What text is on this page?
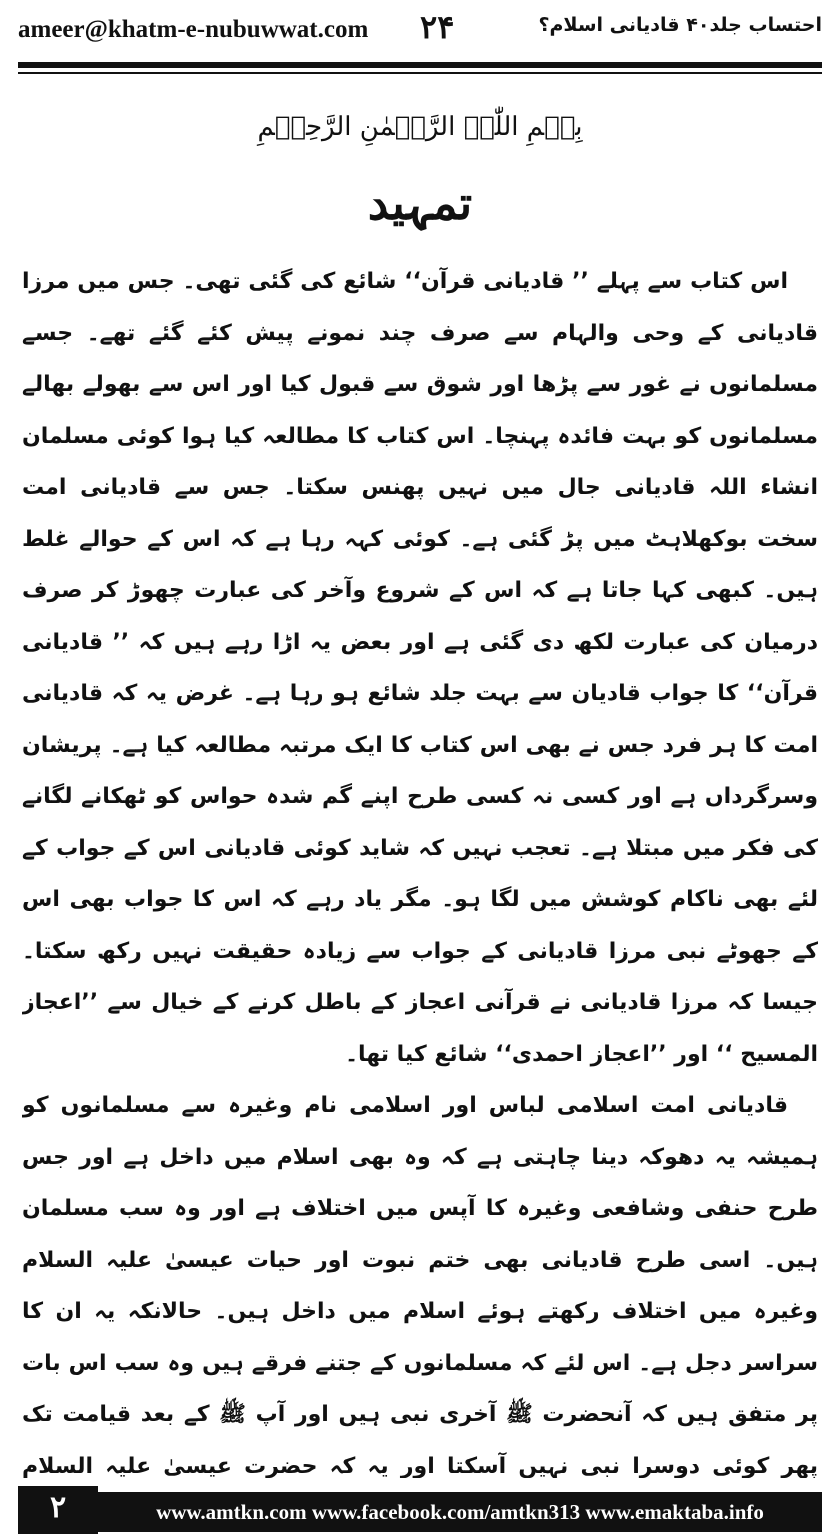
ameer@khatm-e-nubuwwat.com ۲۴	احتساب جلد۴۰ قادیانی اسلام؟
بِسۡمِ اللّٰہِ الرَّحۡمٰنِ الرَّحِیۡمِ
تمہید

اس کتاب سے پہلے ’’ قادیانی قرآن‘‘ شائع کی گئی تھی۔ جس میں مرزا قادیانی کے وحی والہام سے صرف چند نمونے پیش کئے گئے تھے۔ جسے مسلمانوں نے غور سے پڑھا اور شوق سے قبول کیا اور اس سے بھولے بھالے مسلمانوں کو بہت فائدہ پہنچا۔ اس کتاب کا مطالعہ کیا ہوا کوئی مسلمان انشاء اللہ قادیانی جال میں نہیں پھنس سکتا۔ جس سے قادیانی امت سخت بوکھلاہٹ میں پڑ گئی ہے۔ کوئی کہہ رہا ہے کہ اس کے حوالے غلط ہیں۔ کبھی کہا جاتا ہے کہ اس کے شروع وآخر کی عبارت چھوڑ کر صرف درمیان کی عبارت لکھ دی گئی ہے اور بعض یہ اڑا رہے ہیں کہ ’’ قادیانی قرآن‘‘ کا جواب قادیان سے بہت جلد شائع ہو رہا ہے۔ غرض یہ کہ قادیانی امت کا ہر فرد جس نے بھی اس کتاب کا ایک مرتبہ مطالعہ کیا ہے۔ پریشان وسرگرداں ہے اور کسی نہ کسی طرح اپنے گم شدہ حواس کو ٹھکانے لگانے کی فکر میں مبتلا ہے۔ تعجب نہیں کہ شاید کوئی قادیانی اس کے جواب کے لئے بھی ناکام کوشش میں لگا ہو۔ مگر یاد رہے کہ اس کا جواب بھی اس کے جھوٹے نبی مرزا قادیانی کے جواب سے زیادہ حقیقت نہیں رکھ سکتا۔ جیسا کہ مرزا قادیانی نے قرآنی اعجاز کے باطل کرنے کے خیال سے ’’اعجاز المسیح ‘‘ اور ’’اعجاز احمدی‘‘ شائع کیا تھا۔

قادیانی امت اسلامی لباس اور اسلامی نام وغیرہ سے مسلمانوں کو ہمیشہ یہ دھوکہ دینا چاہتی ہے کہ وہ بھی اسلام میں داخل ہے اور جس طرح حنفی وشافعی وغیرہ کا آپس میں اختلاف ہے اور وہ سب مسلمان ہیں۔ اسی طرح قادیانی بھی ختم نبوت اور حیات عیسیٰ علیہ السلام وغیرہ میں اختلاف رکھتے ہوئے اسلام میں داخل ہیں۔ حالانکہ یہ ان کا سراسر دجل ہے۔ اس لئے کہ مسلمانوں کے جتنے فرقے ہیں وہ سب اس بات پر متفق ہیں کہ آنحضرت ﷺ آخری نبی ہیں اور آپ ﷺ کے بعد قیامت تک پھر کوئی دوسرا نبی نہیں آسکتا اور یہ کہ حضرت عیسیٰ علیہ السلام

۲	www.amtkn.com www.facebook.com/amtkn313 www.emaktaba.info
